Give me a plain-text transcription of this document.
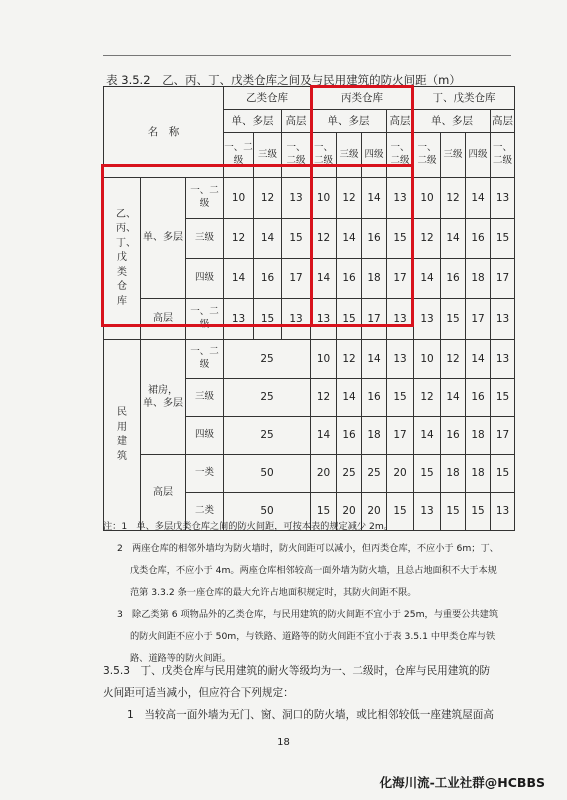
表 3.5.2 乙、丙、丁、戊类仓库之间及与民用建筑的防火间距（m）
名　称			乙类仓库			丙类仓库				丁、戊类仓库			
			单、多层		高层	单、多层			高层	单、多层			高层
			一、二级	三级	一、二级	一、二级	三级	四级	一、二级	一、二级	三级	四级	一、二级
乙、丙、丁、戊类仓库	单、多层	一、二级	10	12	13	10	12	14	13	10	12	14	13
		三级	12	14	15	12	14	16	15	12	14	16	15
		四级	14	16	17	14	16	18	17	14	16	18	17
	高层	一、二级	13	15	13	13	15	17	13	13	15	17	13
民用建筑	裙房，单、多层	一、二级	25			10	12	14	13	10	12	14	13
		三级	25			12	14	16	15	12	14	16	15
		四级	25			14	16	18	17	14	16	18	17
	高层	一类	50			20	25	25	20	15	18	18	15
		二类	50			15	20	20	15	13	15	15	13

注：1　单、多层戊类仓库之间的防火间距，可按本表的规定减少 2m。

2　两座仓库的相邻外墙均为防火墙时，防火间距可以减小，但丙类仓库，不应小于 6m；丁、

戊类仓库，不应小于 4m。两座仓库相邻较高一面外墙为防火墙，且总占地面积不大于本规

范第 3.3.2 条一座仓库的最大允许占地面积规定时，其防火间距不限。

3　除乙类第 6 项物品外的乙类仓库，与民用建筑的防火间距不宜小于 25m，与重要公共建筑

的防火间距不应小于 50m，与铁路、道路等的防火间距不宜小于表 3.5.1 中甲类仓库与铁

路、道路等的防火间距。

3.5.3　丁、戊类仓库与民用建筑的耐火等级均为一、二级时，仓库与民用建筑的防

火间距可适当减小，但应符合下列规定：

1　当较高一面外墙为无门、窗、洞口的防火墙，或比相邻较低一座建筑屋面高

18
化海川流-工业社群@HCBBS
